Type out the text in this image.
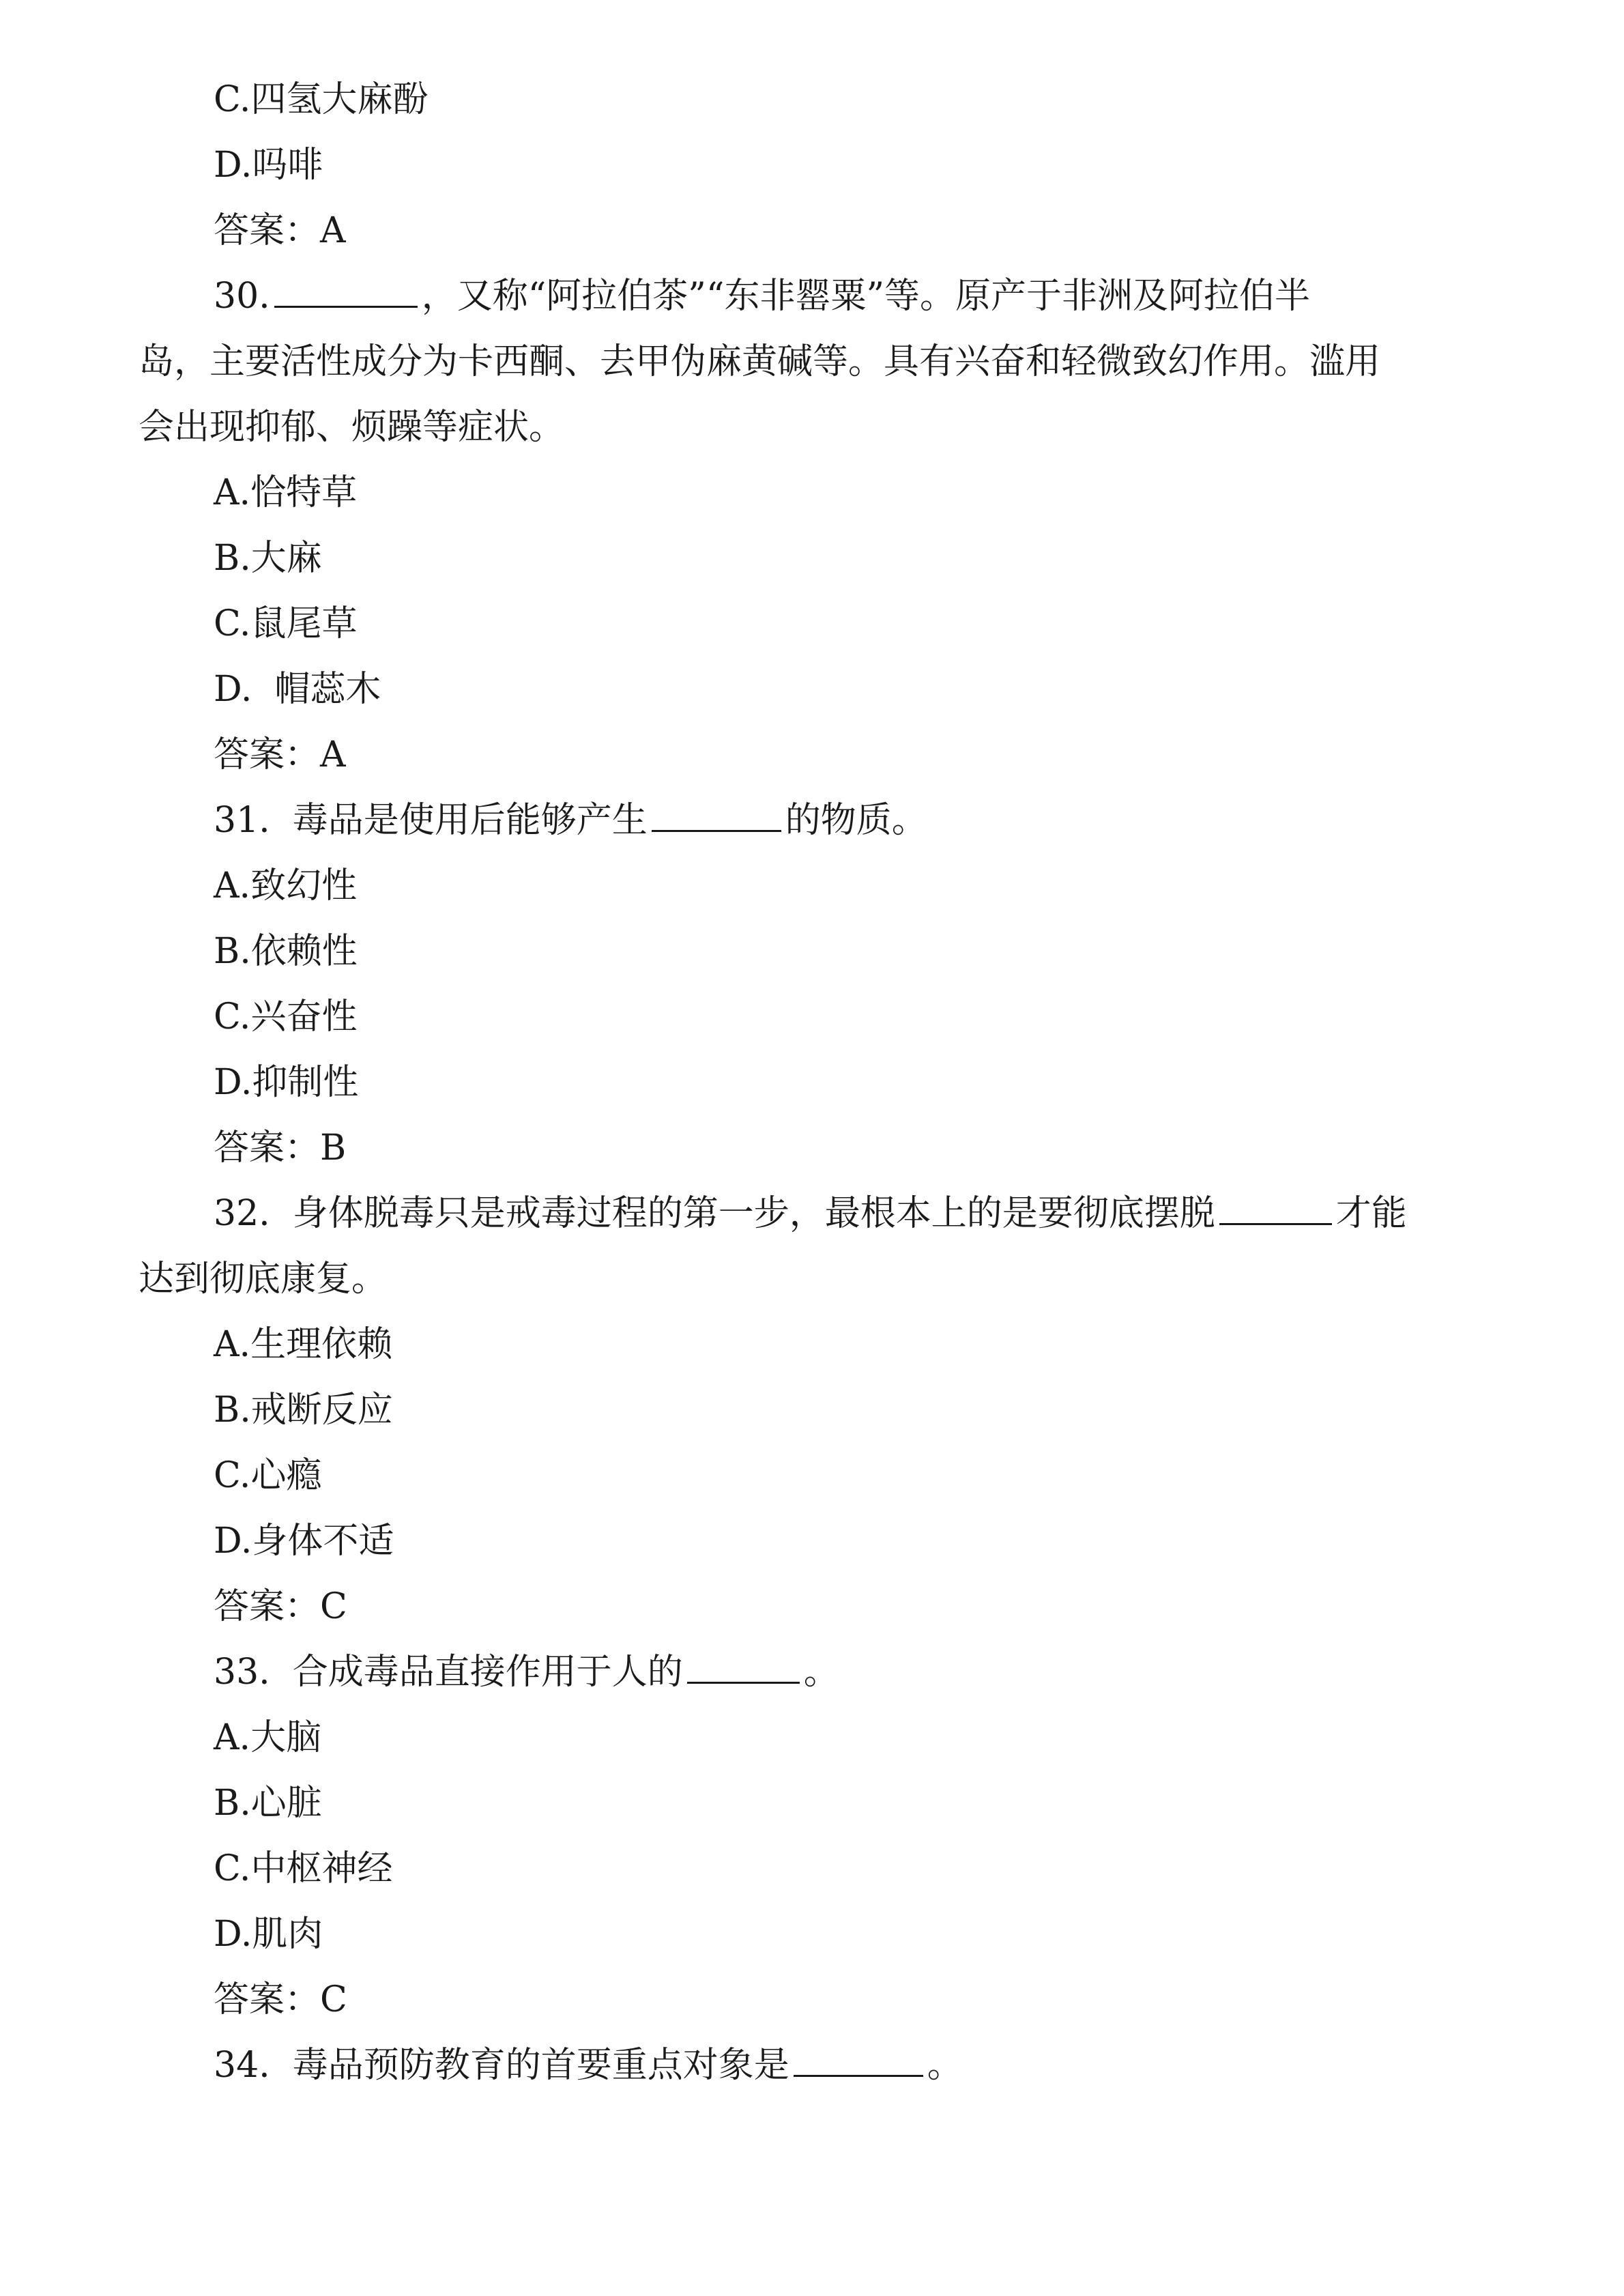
C.四氢大麻酚
D.吗啡
答案：A
30.	，又称“阿拉伯茶”“东非罂粟”等。原产于非洲及阿拉伯半
岛，主要活性成分为卡西酮、去甲伪麻黄碱等。具有兴奋和轻微致幻作用。滥用
会出现抑郁、烦躁等症状。
A.恰特草
B.大麻
C.鼠尾草
D.  帽蕊木
答案：A
31.  毒品是使用后能够产生	的物质。
A.致幻性
B.依赖性
C.兴奋性
D.抑制性
答案：B
32.  身体脱毒只是戒毒过程的第一步，最根本上的是要彻底摆脱	才能
达到彻底康复。
A.生理依赖
B.戒断反应
C.心瘾
D.身体不适
答案：C
33.  合成毒品直接作用于人的	。
A.大脑
B.心脏
C.中枢神经
D.肌肉
答案：C
34.  毒品预防教育的首要重点对象是	。
